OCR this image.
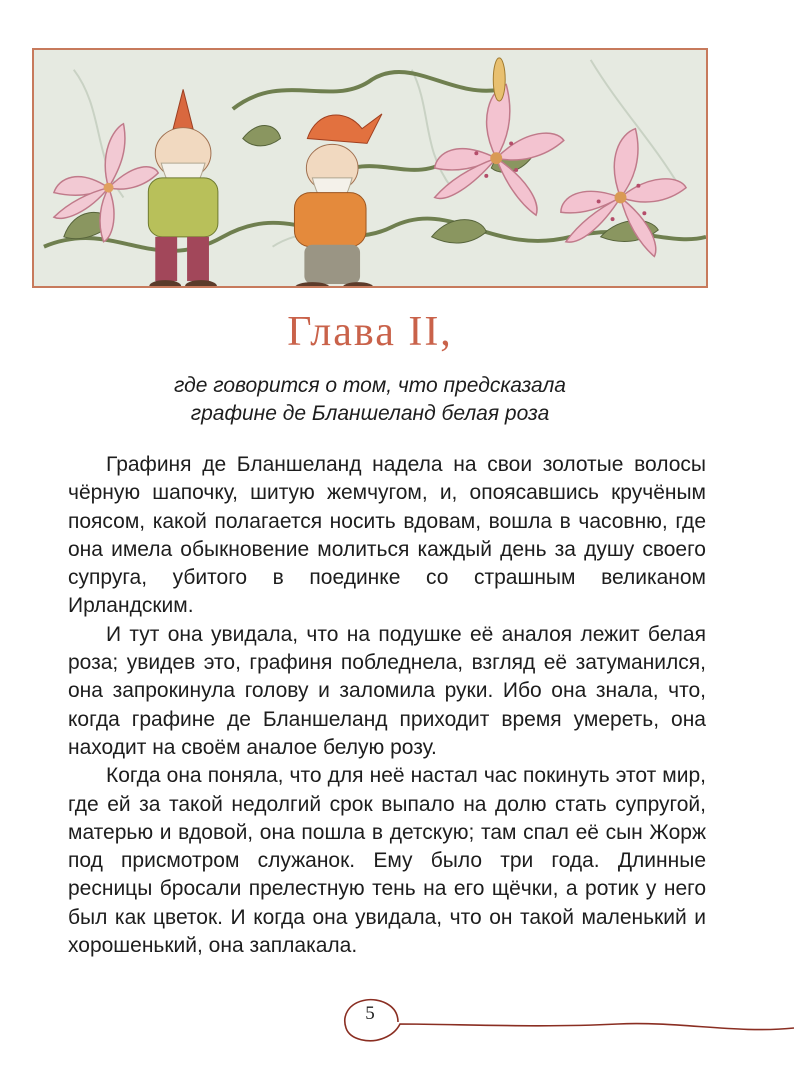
Глава II,
где говорится о том, что предсказала
графине де Бланшеланд белая роза

Графиня де Бланшеланд надела на свои золотые волосы чёрную шапочку, шитую жемчугом, и, опоясавшись кручёным поясом, какой полагается носить вдовам, вошла в часовню, где она имела обыкновение молиться каждый день за душу своего супруга, убитого в поединке со страшным великаном Ирландским.

И тут она увидала, что на подушке её аналоя лежит белая роза; увидев это, графиня побледнела, взгляд её затуманился, она запрокинула голову и заломила руки. Ибо она знала, что, когда графине де Бланшеланд приходит время умереть, она находит на своём аналое белую розу.

Когда она поняла, что для неё настал час покинуть этот мир, где ей за такой недолгий срок выпало на долю стать супругой, матерью и вдовой, она пошла в детскую; там спал её сын Жорж под присмотром служанок. Ему было три года. Длинные ресницы бросали прелестную тень на его щёчки, а ротик у него был как цветок. И когда она увидала, что он такой маленький и хорошенький, она заплакала.

5
